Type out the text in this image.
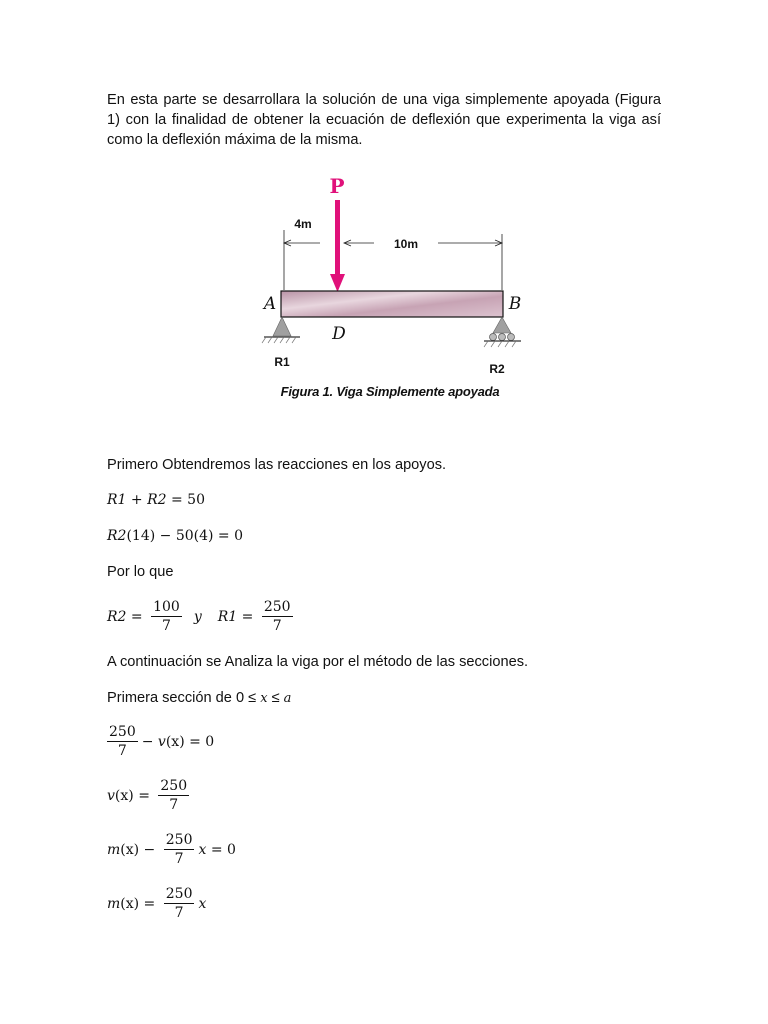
En esta parte se desarrollara la solución de una viga simplemente apoyada (Figura 1) con la finalidad de obtener la ecuación de deflexión que experimenta la viga así como la deflexión máxima de la misma.

P
4m
10m
A	B
D
R1	R2
Figura 1. Viga Simplemente apoyada

Primero Obtendremos las reacciones en los apoyos.

R1 + R2 = 50
R2 (14) − 50(4) = 0

Por lo que

$R2 = \frac{100}{7}$ y $R1 = \frac{250}{7}$

A continuación se Analiza la viga por el método de las secciones.

Primera sección de 0 ≤ x ≤ a
$\frac{250}{7} - v$ (x) = 0
v $(x) = \frac{250}{7}$
m $(x) - \frac{250}{7}$ x = 0
m $(x) = \frac{250}{7}$ x
